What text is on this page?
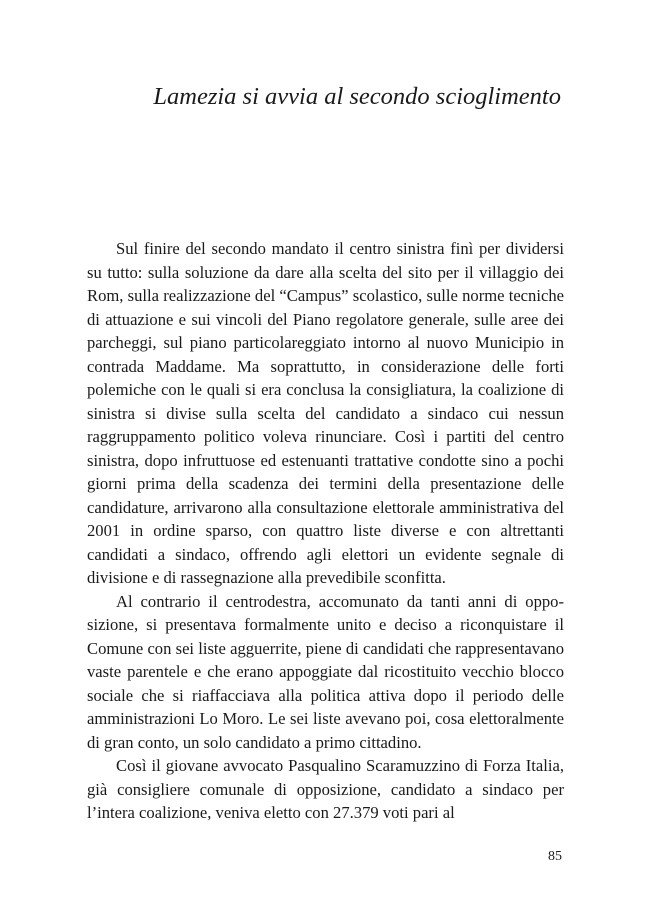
Lamezia si avvia al secondo scioglimento

Sul finire del secondo mandato il centro sinistra finì per dividersi su tutto: sulla soluzione da dare alla scelta del sito per il villaggio dei Rom, sulla realizzazione del “Campus” scolastico, sulle norme tecniche di attuazione e sui vincoli del Piano regolatore generale, sulle aree dei parcheggi, sul piano particolareggiato intorno al nuovo Municipio in contrada Maddame. Ma soprattutto, in considerazione delle forti polemiche con le quali si era conclusa la consigliatura, la coalizione di sinistra si divise sulla scelta del candidato a sindaco cui nessun raggruppamento politico voleva rinunciare. Così i partiti del centro sinistra, dopo infruttuose ed estenuanti trattative condotte sino a pochi giorni prima della scadenza dei termini della presentazione delle candidature, arrivarono alla consultazione elettorale amministrativa del 2001 in ordine sparso, con quattro liste diverse e con altrettanti candidati a sindaco, offrendo agli elettori un evidente segnale di divisione e di rassegnazione alla prevedibile sconfitta.

Al contrario il centrodestra, accomunato da tanti anni di opposizione, si presentava formalmente unito e deciso a riconquistare il Comune con sei liste agguerrite, piene di candidati che rappresentavano vaste parentele e che erano appoggiate dal ricostituito vecchio blocco sociale che si riaffacciava alla politica attiva dopo il periodo delle amministrazioni Lo Moro. Le sei liste avevano poi, cosa elettoralmente di gran conto, un solo candidato a primo cittadino.

Così il giovane avvocato Pasqualino Scaramuzzino di Forza Italia, già consigliere comunale di opposizione, candidato a sindaco per l’intera coalizione, veniva eletto con 27.379 voti pari al

85
